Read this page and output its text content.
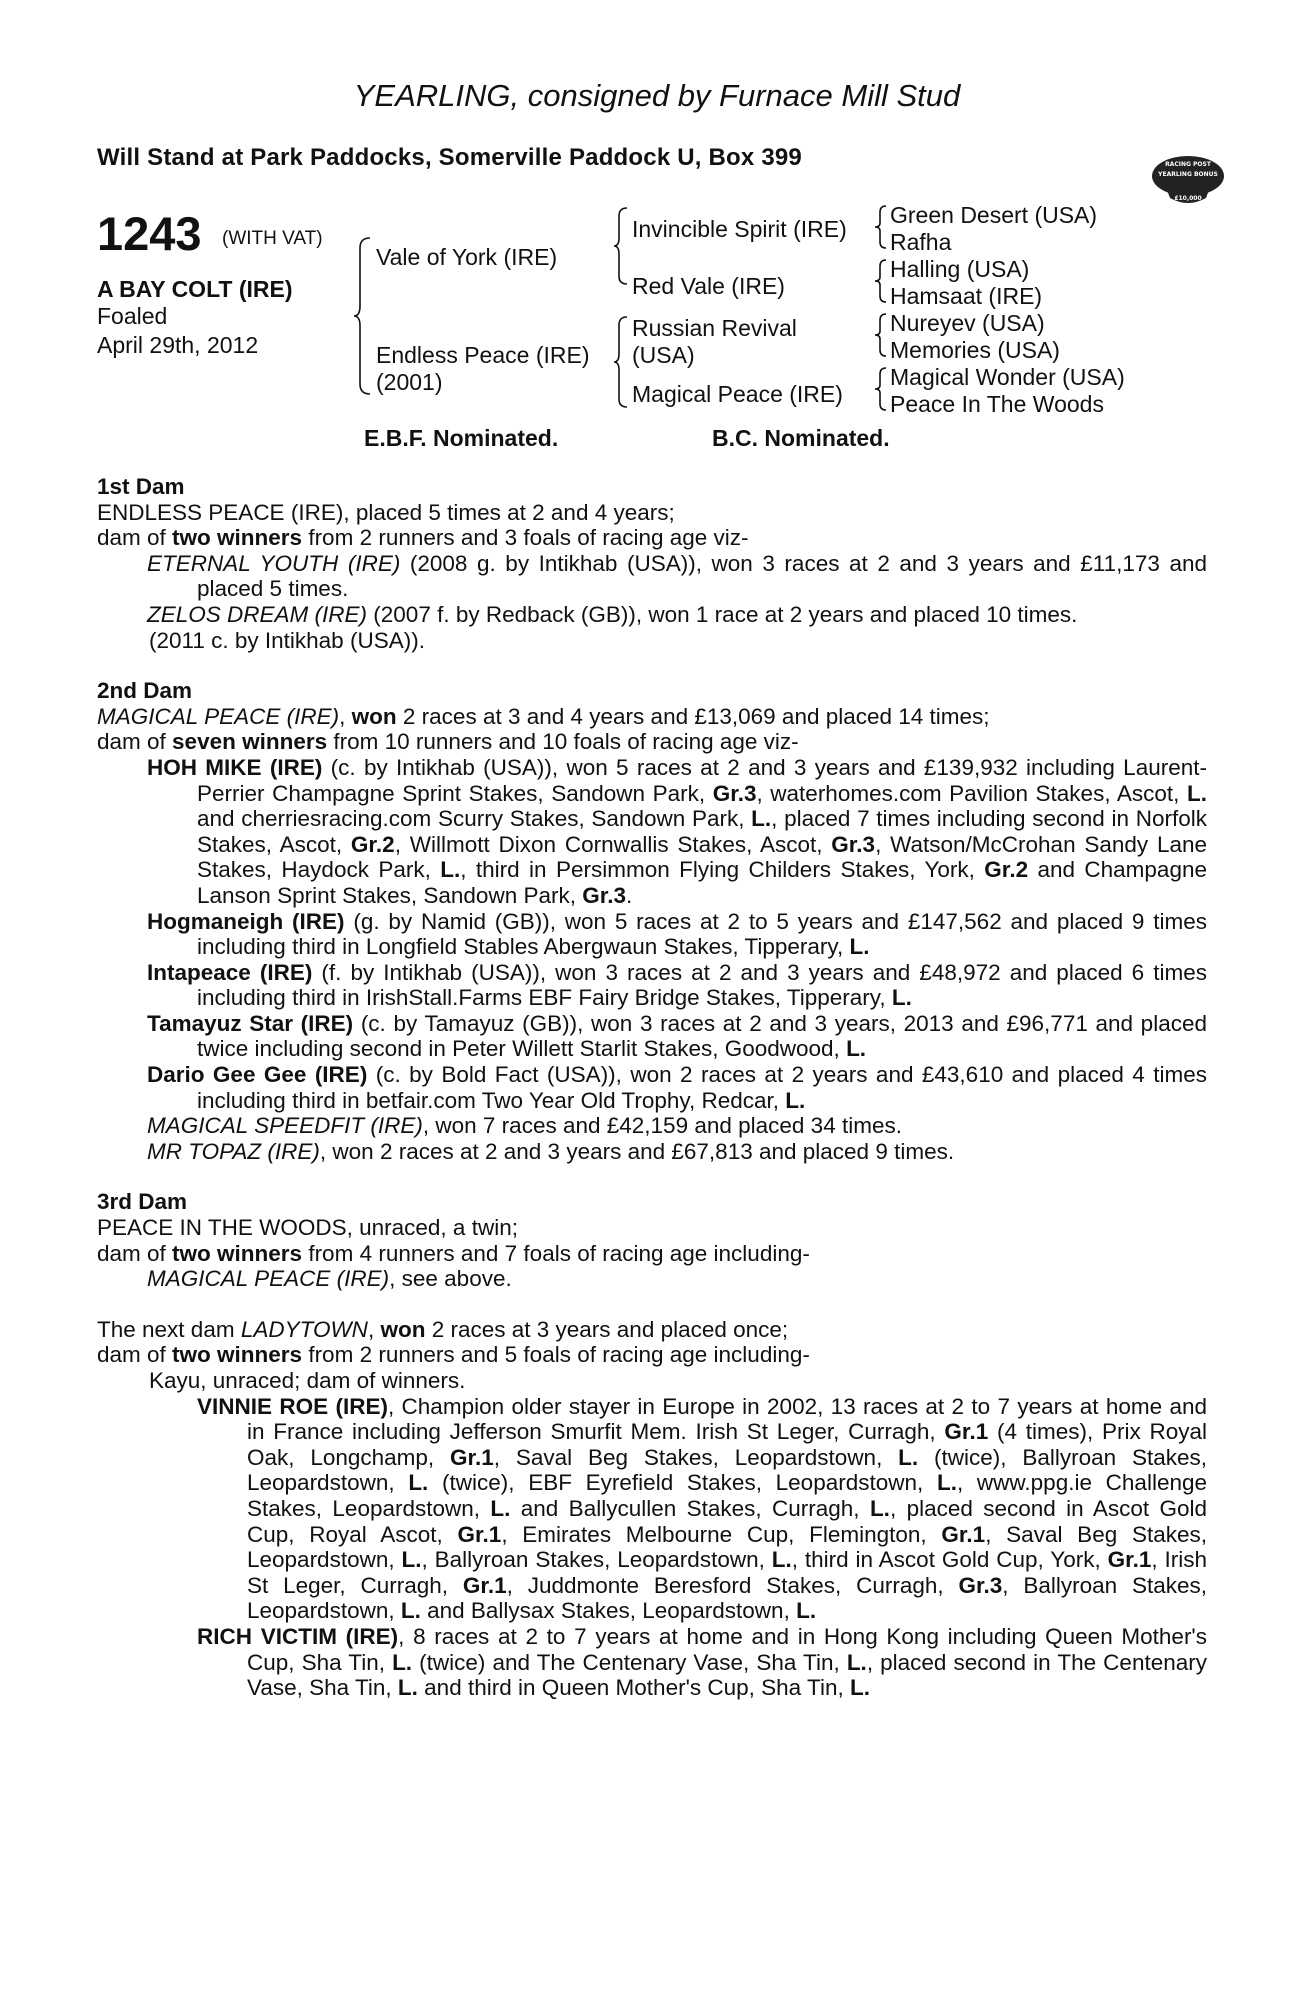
YEARLING, consigned by Furnace Mill Stud
Will Stand at Park Paddocks, Somerville Paddock U, Box 399	RACING POST
YEARLING BONUS
£10,000
1243 (WITH VAT)
A BAY COLT (IRE)
Foaled
April 29th, 2012
Vale of York (IRE)
Endless Peace (IRE)
(2001)
Invincible Spirit (IRE)
Red Vale (IRE)
Russian Revival
(USA)
Magical Peace (IRE)
Green Desert (USA)
Rafha
Halling (USA)
Hamsaat (IRE)
Nureyev (USA)
Memories (USA)
Magical Wonder (USA)
Peace In The Woods
E.B.F. Nominated.	B.C. Nominated.

1st Dam

ENDLESS PEACE (IRE), placed 5 times at 2 and 4 years;

dam of two winners from 2 runners and 3 foals of racing age viz-

ETERNAL YOUTH (IRE) (2008 g. by Intikhab (USA)), won 3 races at 2 and 3 years and £11,173 and placed 5 times.

ZELOS DREAM (IRE) (2007 f. by Redback (GB)), won 1 race at 2 years and placed 10 times.

(2011 c. by Intikhab (USA)).

2nd Dam

MAGICAL PEACE (IRE), won 2 races at 3 and 4 years and £13,069 and placed 14 times;

dam of seven winners from 10 runners and 10 foals of racing age viz-

HOH MIKE (IRE) (c. by Intikhab (USA)), won 5 races at 2 and 3 years and £139,932 including Laurent-Perrier Champagne Sprint Stakes, Sandown Park, Gr.3, waterhomes.com Pavilion Stakes, Ascot, L. and cherriesracing.com Scurry Stakes, Sandown Park, L., placed 7 times including second in Norfolk Stakes, Ascot, Gr.2, Willmott Dixon Cornwallis Stakes, Ascot, Gr.3, Watson/McCrohan Sandy Lane Stakes, Haydock Park, L., third in Persimmon Flying Childers Stakes, York, Gr.2 and Champagne Lanson Sprint Stakes, Sandown Park, Gr.3.

Hogmaneigh (IRE) (g. by Namid (GB)), won 5 races at 2 to 5 years and £147,562 and placed 9 times including third in Longfield Stables Abergwaun Stakes, Tipperary, L.

Intapeace (IRE) (f. by Intikhab (USA)), won 3 races at 2 and 3 years and £48,972 and placed 6 times including third in IrishStall.Farms EBF Fairy Bridge Stakes, Tipperary, L.

Tamayuz Star (IRE) (c. by Tamayuz (GB)), won 3 races at 2 and 3 years, 2013 and £96,771 and placed twice including second in Peter Willett Starlit Stakes, Goodwood, L.

Dario Gee Gee (IRE) (c. by Bold Fact (USA)), won 2 races at 2 years and £43,610 and placed 4 times including third in betfair.com Two Year Old Trophy, Redcar, L.

MAGICAL SPEEDFIT (IRE), won 7 races and £42,159 and placed 34 times.

MR TOPAZ (IRE), won 2 races at 2 and 3 years and £67,813 and placed 9 times.

3rd Dam

PEACE IN THE WOODS, unraced, a twin;

dam of two winners from 4 runners and 7 foals of racing age including-

MAGICAL PEACE (IRE), see above.

The next dam LADYTOWN, won 2 races at 3 years and placed once;

dam of two winners from 2 runners and 5 foals of racing age including-

Kayu, unraced; dam of winners.

VINNIE ROE (IRE), Champion older stayer in Europe in 2002, 13 races at 2 to 7 years at home and in France including Jefferson Smurfit Mem. Irish St Leger, Curragh, Gr.1 (4 times), Prix Royal Oak, Longchamp, Gr.1, Saval Beg Stakes, Leopardstown, L. (twice), Ballyroan Stakes, Leopardstown, L. (twice), EBF Eyrefield Stakes, Leopardstown, L., www.ppg.ie Challenge Stakes, Leopardstown, L. and Ballycullen Stakes, Curragh, L., placed second in Ascot Gold Cup, Royal Ascot, Gr.1, Emirates Melbourne Cup, Flemington, Gr.1, Saval Beg Stakes, Leopardstown, L., Ballyroan Stakes, Leopardstown, L., third in Ascot Gold Cup, York, Gr.1, Irish St Leger, Curragh, Gr.1, Juddmonte Beresford Stakes, Curragh, Gr.3, Ballyroan Stakes, Leopardstown, L. and Ballysax Stakes, Leopardstown, L.

RICH VICTIM (IRE), 8 races at 2 to 7 years at home and in Hong Kong including Queen Mother's Cup, Sha Tin, L. (twice) and The Centenary Vase, Sha Tin, L., placed second in The Centenary Vase, Sha Tin, L. and third in Queen Mother's Cup, Sha Tin, L.
